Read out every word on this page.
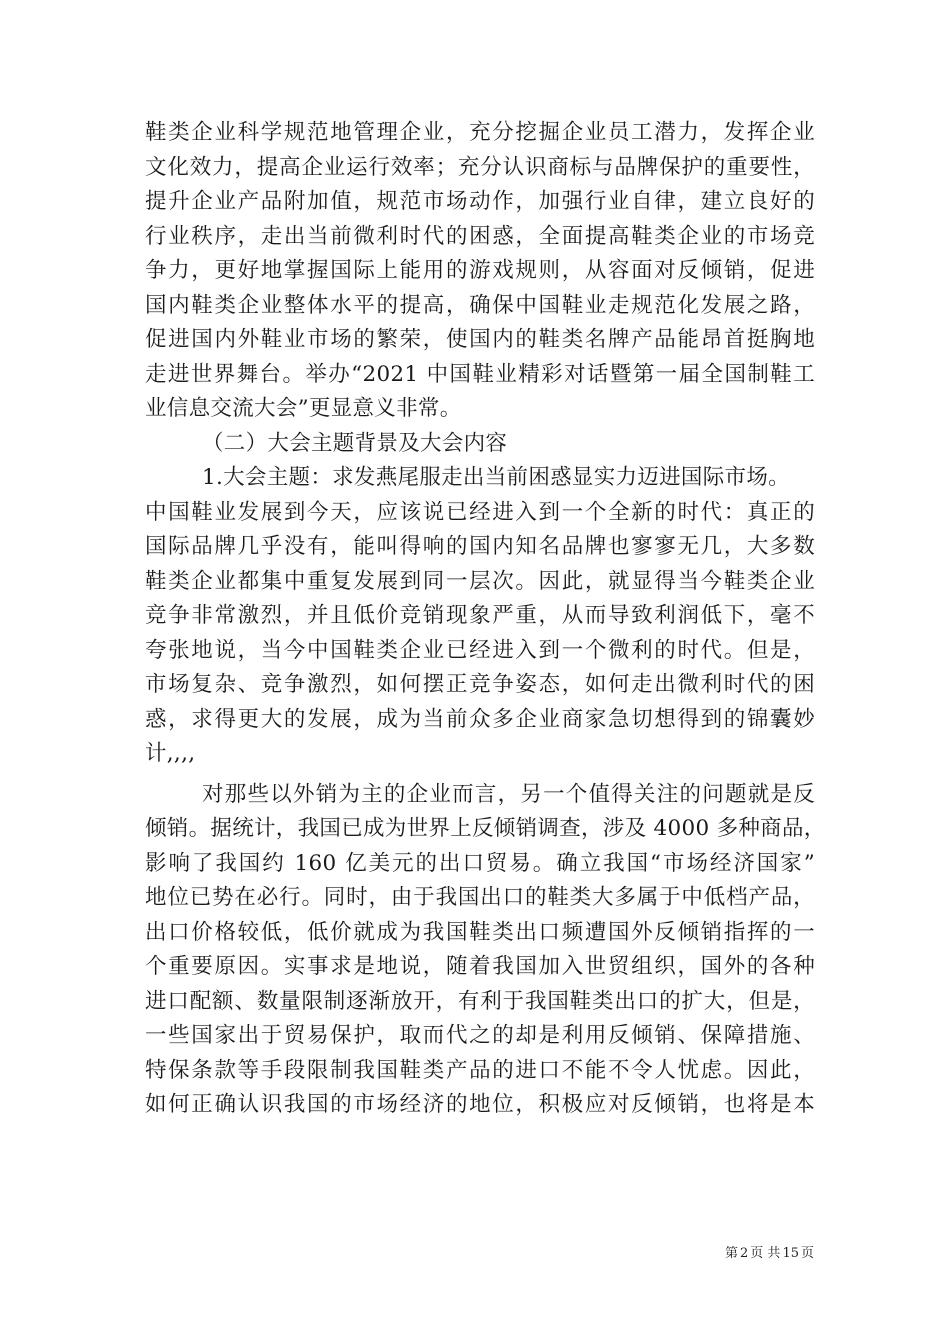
鞋类企业科学规范地管理企业，充分挖掘企业员工潜力，发挥企业
文化效力，提高企业运行效率；充分认识商标与品牌保护的重要性，
提升企业产品附加值，规范市场动作，加强行业自律，建立良好的
行业秩序，走出当前微利时代的困惑，全面提高鞋类企业的市场竞
争力，更好地掌握国际上能用的游戏规则，从容面对反倾销，促进
国内鞋类企业整体水平的提高，确保中国鞋业走规范化发展之路，
促进国内外鞋业市场的繁荣，使国内的鞋类名牌产品能昂首挺胸地
走进世界舞台。举办“2021 中国鞋业精彩对话暨第一届全国制鞋工
业信息交流大会”更显意义非常。
（二）大会主题背景及大会内容
1.大会主题：求发燕尾服走出当前困惑显实力迈进国际市场。
中国鞋业发展到今天，应该说已经进入到一个全新的时代：真正的
国际品牌几乎没有，能叫得响的国内知名品牌也寥寥无几，大多数
鞋类企业都集中重复发展到同一层次。因此，就显得当今鞋类企业
竞争非常激烈，并且低价竞销现象严重，从而导致利润低下，毫不
夸张地说，当今中国鞋类企业已经进入到一个微利的时代。但是，
市场复杂、竞争激烈，如何摆正竞争姿态，如何走出微利时代的困
惑，求得更大的发展，成为当前众多企业商家急切想得到的锦囊妙
计,,,,
对那些以外销为主的企业而言，另一个值得关注的问题就是反
倾销。据统计，我国已成为世界上反倾销调查，涉及 4000 多种商品，
影响了我国约 160 亿美元的出口贸易。确立我国“市场经济国家”
地位已势在必行。同时，由于我国出口的鞋类大多属于中低档产品，
出口价格较低，低价就成为我国鞋类出口频遭国外反倾销指挥的一
个重要原因。实事求是地说，随着我国加入世贸组织，国外的各种
进口配额、数量限制逐渐放开，有利于我国鞋类出口的扩大，但是，
一些国家出于贸易保护，取而代之的却是利用反倾销、保障措施、
特保条款等手段限制我国鞋类产品的进口不能不令人忧虑。因此，
如何正确认识我国的市场经济的地位，积极应对反倾销，也将是本
第 2 页 共 15 页
